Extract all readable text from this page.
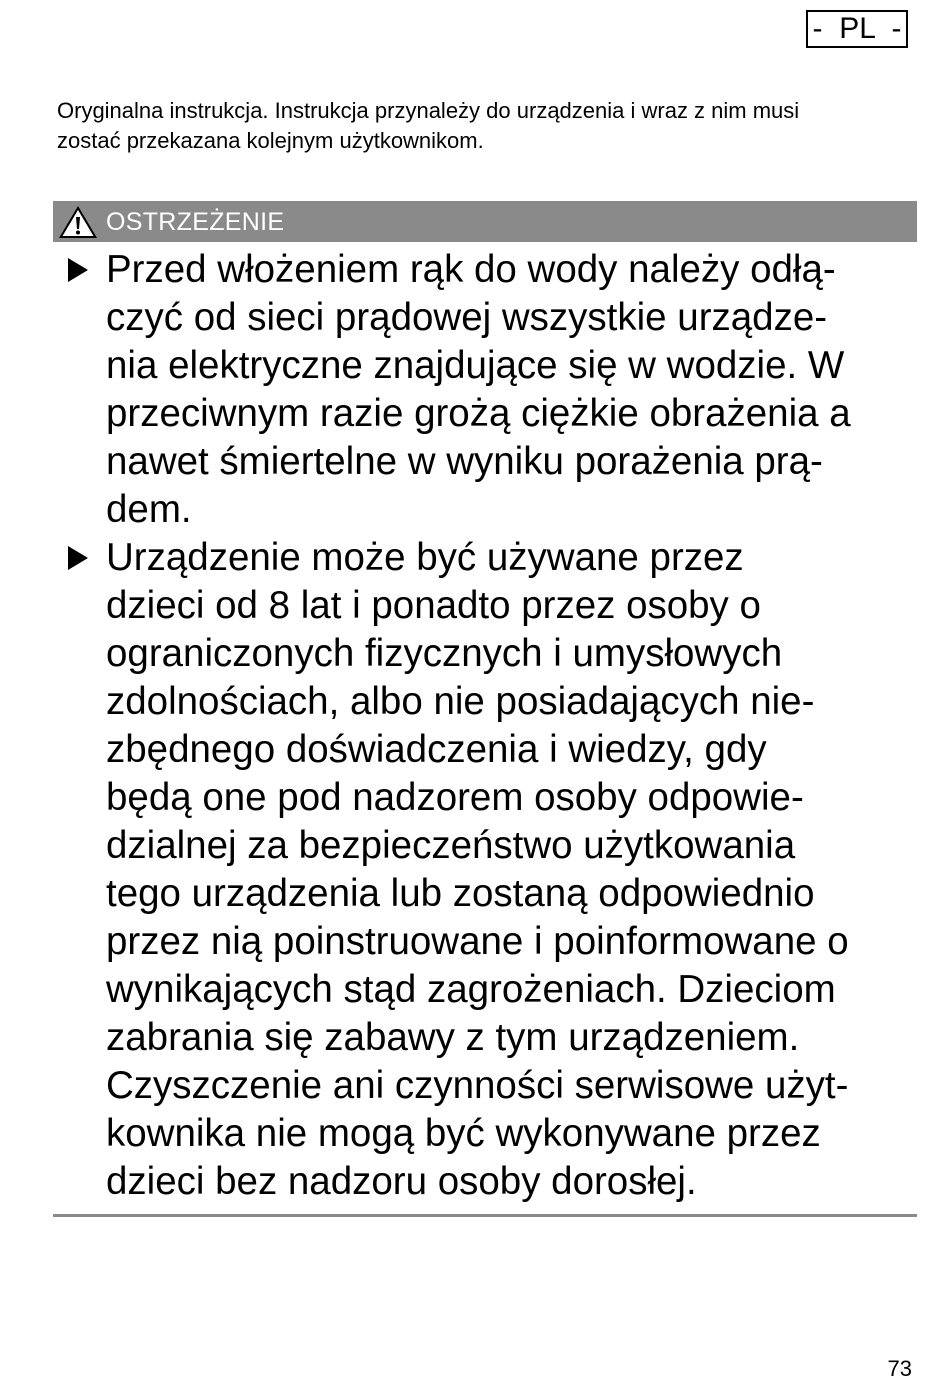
-  PL  -
Oryginalna instrukcja. Instrukcja przynależy do urządzenia i wraz z nim musi
zostać przekazana kolejnym użytkownikom.
OSTRZEŻENIE
Przed włożeniem rąk do wody należy odłą-
czyć od sieci prądowej wszystkie urządze-
nia elektryczne znajdujące się w wodzie. W
przeciwnym razie grożą ciężkie obrażenia a
nawet śmiertelne w wyniku porażenia prą-
dem.
Urządzenie może być używane przez
dzieci od 8 lat i ponadto przez osoby o
ograniczonych fizycznych i umysłowych
zdolnościach, albo nie posiadających nie-
zbędnego doświadczenia i wiedzy, gdy
będą one pod nadzorem osoby odpowie-
dzialnej za bezpieczeństwo użytkowania
tego urządzenia lub zostaną odpowiednio
przez nią poinstruowane i poinformowane o
wynikających stąd zagrożeniach. Dzieciom
zabrania się zabawy z tym urządzeniem.
Czyszczenie ani czynności serwisowe użyt-
kownika nie mogą być wykonywane przez
dzieci bez nadzoru osoby dorosłej.
73
